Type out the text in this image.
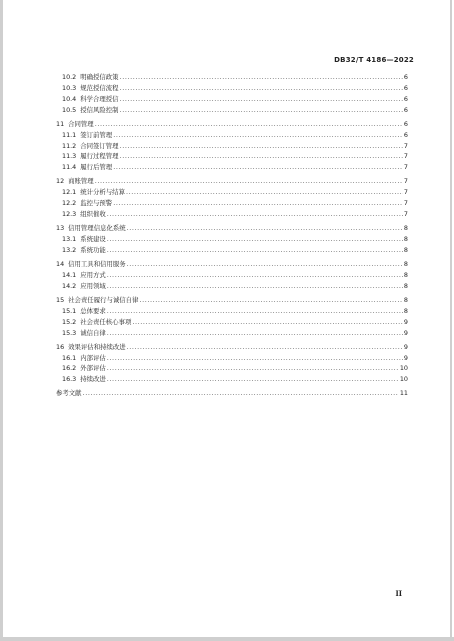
DB32/T 4186—2022
10.2 明确授信政策 .....	6
10.3 规范授信流程 .....	6
10.4 科学合理授信 .....	6
10.5 授信风险控制 .....	6
11 合同管理 .....	6
11.1 签订前管理 .....	6
11.2 合同签订管理 .....	7
11.3 履行过程管理 .....	7
11.4 履行后管理 .....	7
12 商账管理 .....	7
12.1 统计分析与结算 .....	7
12.2 监控与预警 .....	7
12.3 组织催收 .....	7
13 信用管理信息化系统 .....	8
13.1 系统建设 .....	8
13.2 系统功能 .....	8
14 信用工具和信用服务 .....	8
14.1 应用方式 .....	8
14.2 应用领域 .....	8
15 社会责任履行与诚信自律 .....	8
15.1 总体要求 .....	8
15.2 社会责任核心事项 .....	9
15.3 诚信自律 .....	9
16 效果评估和持续改进 .....	9
16.1 内部评估 .....	9
16.2 外部评估 .....	10
16.3 持续改进 .....	10
参考文献 .....	11
II
